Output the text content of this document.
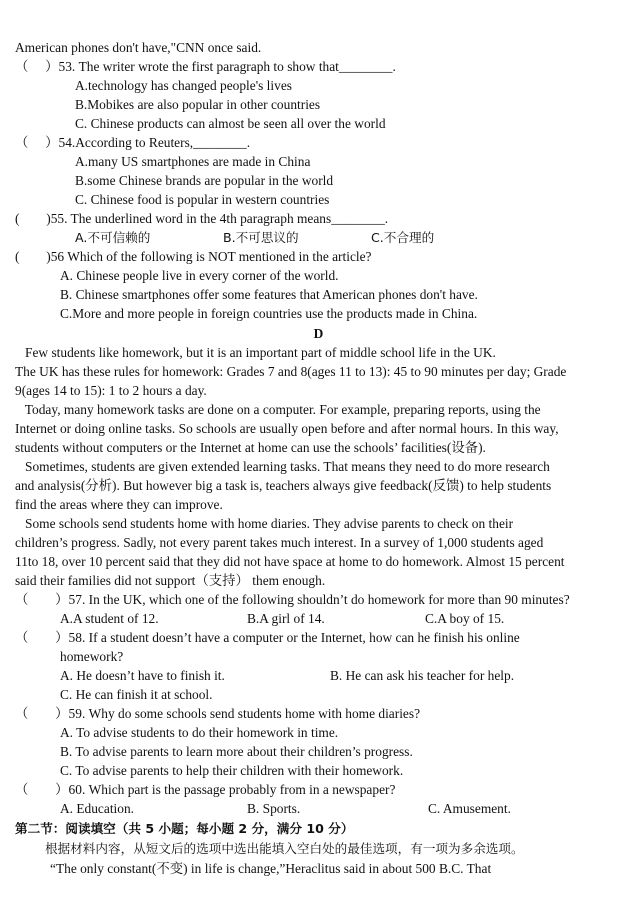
American phones don't have,"CNN once said.
（　 ）53. The writer wrote the first paragraph to show that________.
A.technology has changed people's lives
B.Mobikes are also popular in other countries
C. Chinese products can almost be seen all over the world
（　 ）54.According to Reuters,________.
A.many US smartphones are made in China
B.some Chinese brands are popular in the world
C. Chinese food is popular in western countries
(　　)55. The underlined word in the 4th paragraph means________.
A.不可信赖的	B.不可思议的	C.不合理的
(　　)56 Which of the following is NOT mentioned in the article?
A. Chinese people live in every corner of the world.
B. Chinese smartphones offer some features that American phones don't have.
C.More and more people in foreign countries use the products made in China.
D
Few students like homework, but it is an important part of middle school life in the UK.
The UK has these rules for homework: Grades 7 and 8(ages 11 to 13): 45 to 90 minutes per day; Grade
9(ages 14 to 15): 1 to 2 hours a day.
Today, many homework tasks are done on a computer. For example, preparing reports, using the
Internet or doing online tasks. So schools are usually open before and after normal hours. In this way,
students without computers or the Internet at home can use the schools’ facilities(设备).
Sometimes, students are given extended learning tasks. That means they need to do more research
and analysis(分析). But however big a task is, teachers always give feedback(反馈) to help students
find the areas where they can improve.
Some schools send students home with home diaries. They advise parents to check on their
children’s progress. Sadly, not every parent takes much interest. In a survey of 1,000 students aged
11to 18, over 10 percent said that they did not have space at home to do homework. Almost 15 percent
said their families did not support（支持） them enough.
（　　）57. In the UK, which one of the following shouldn’t do homework for more than 90 minutes?
A.A student of 12.	B.A girl of 14.	C.A boy of 15.
（　　）58. If a student doesn’t have a computer or the Internet, how can he finish his online
homework?
A. He doesn’t have to finish it.	B. He can ask his teacher for help.
C. He can finish it at school.
（　　）59. Why do some schools send students home with home diaries?
A. To advise students to do their homework in time.
B. To advise parents to learn more about their children’s progress.
C. To advise parents to help their children with their homework.
（　　）60. Which part is the passage probably from in a newspaper?
A. Education.	B. Sports.	C. Amusement.
第二节：阅读填空（共 5 小题；每小题 2 分，满分 10 分）
根据材料内容，从短文后的选项中选出能填入空白处的最佳选项，有一项为多余选项。
“The only constant(不变) in life is change,”Heraclitus said in about 500 B.C. That
